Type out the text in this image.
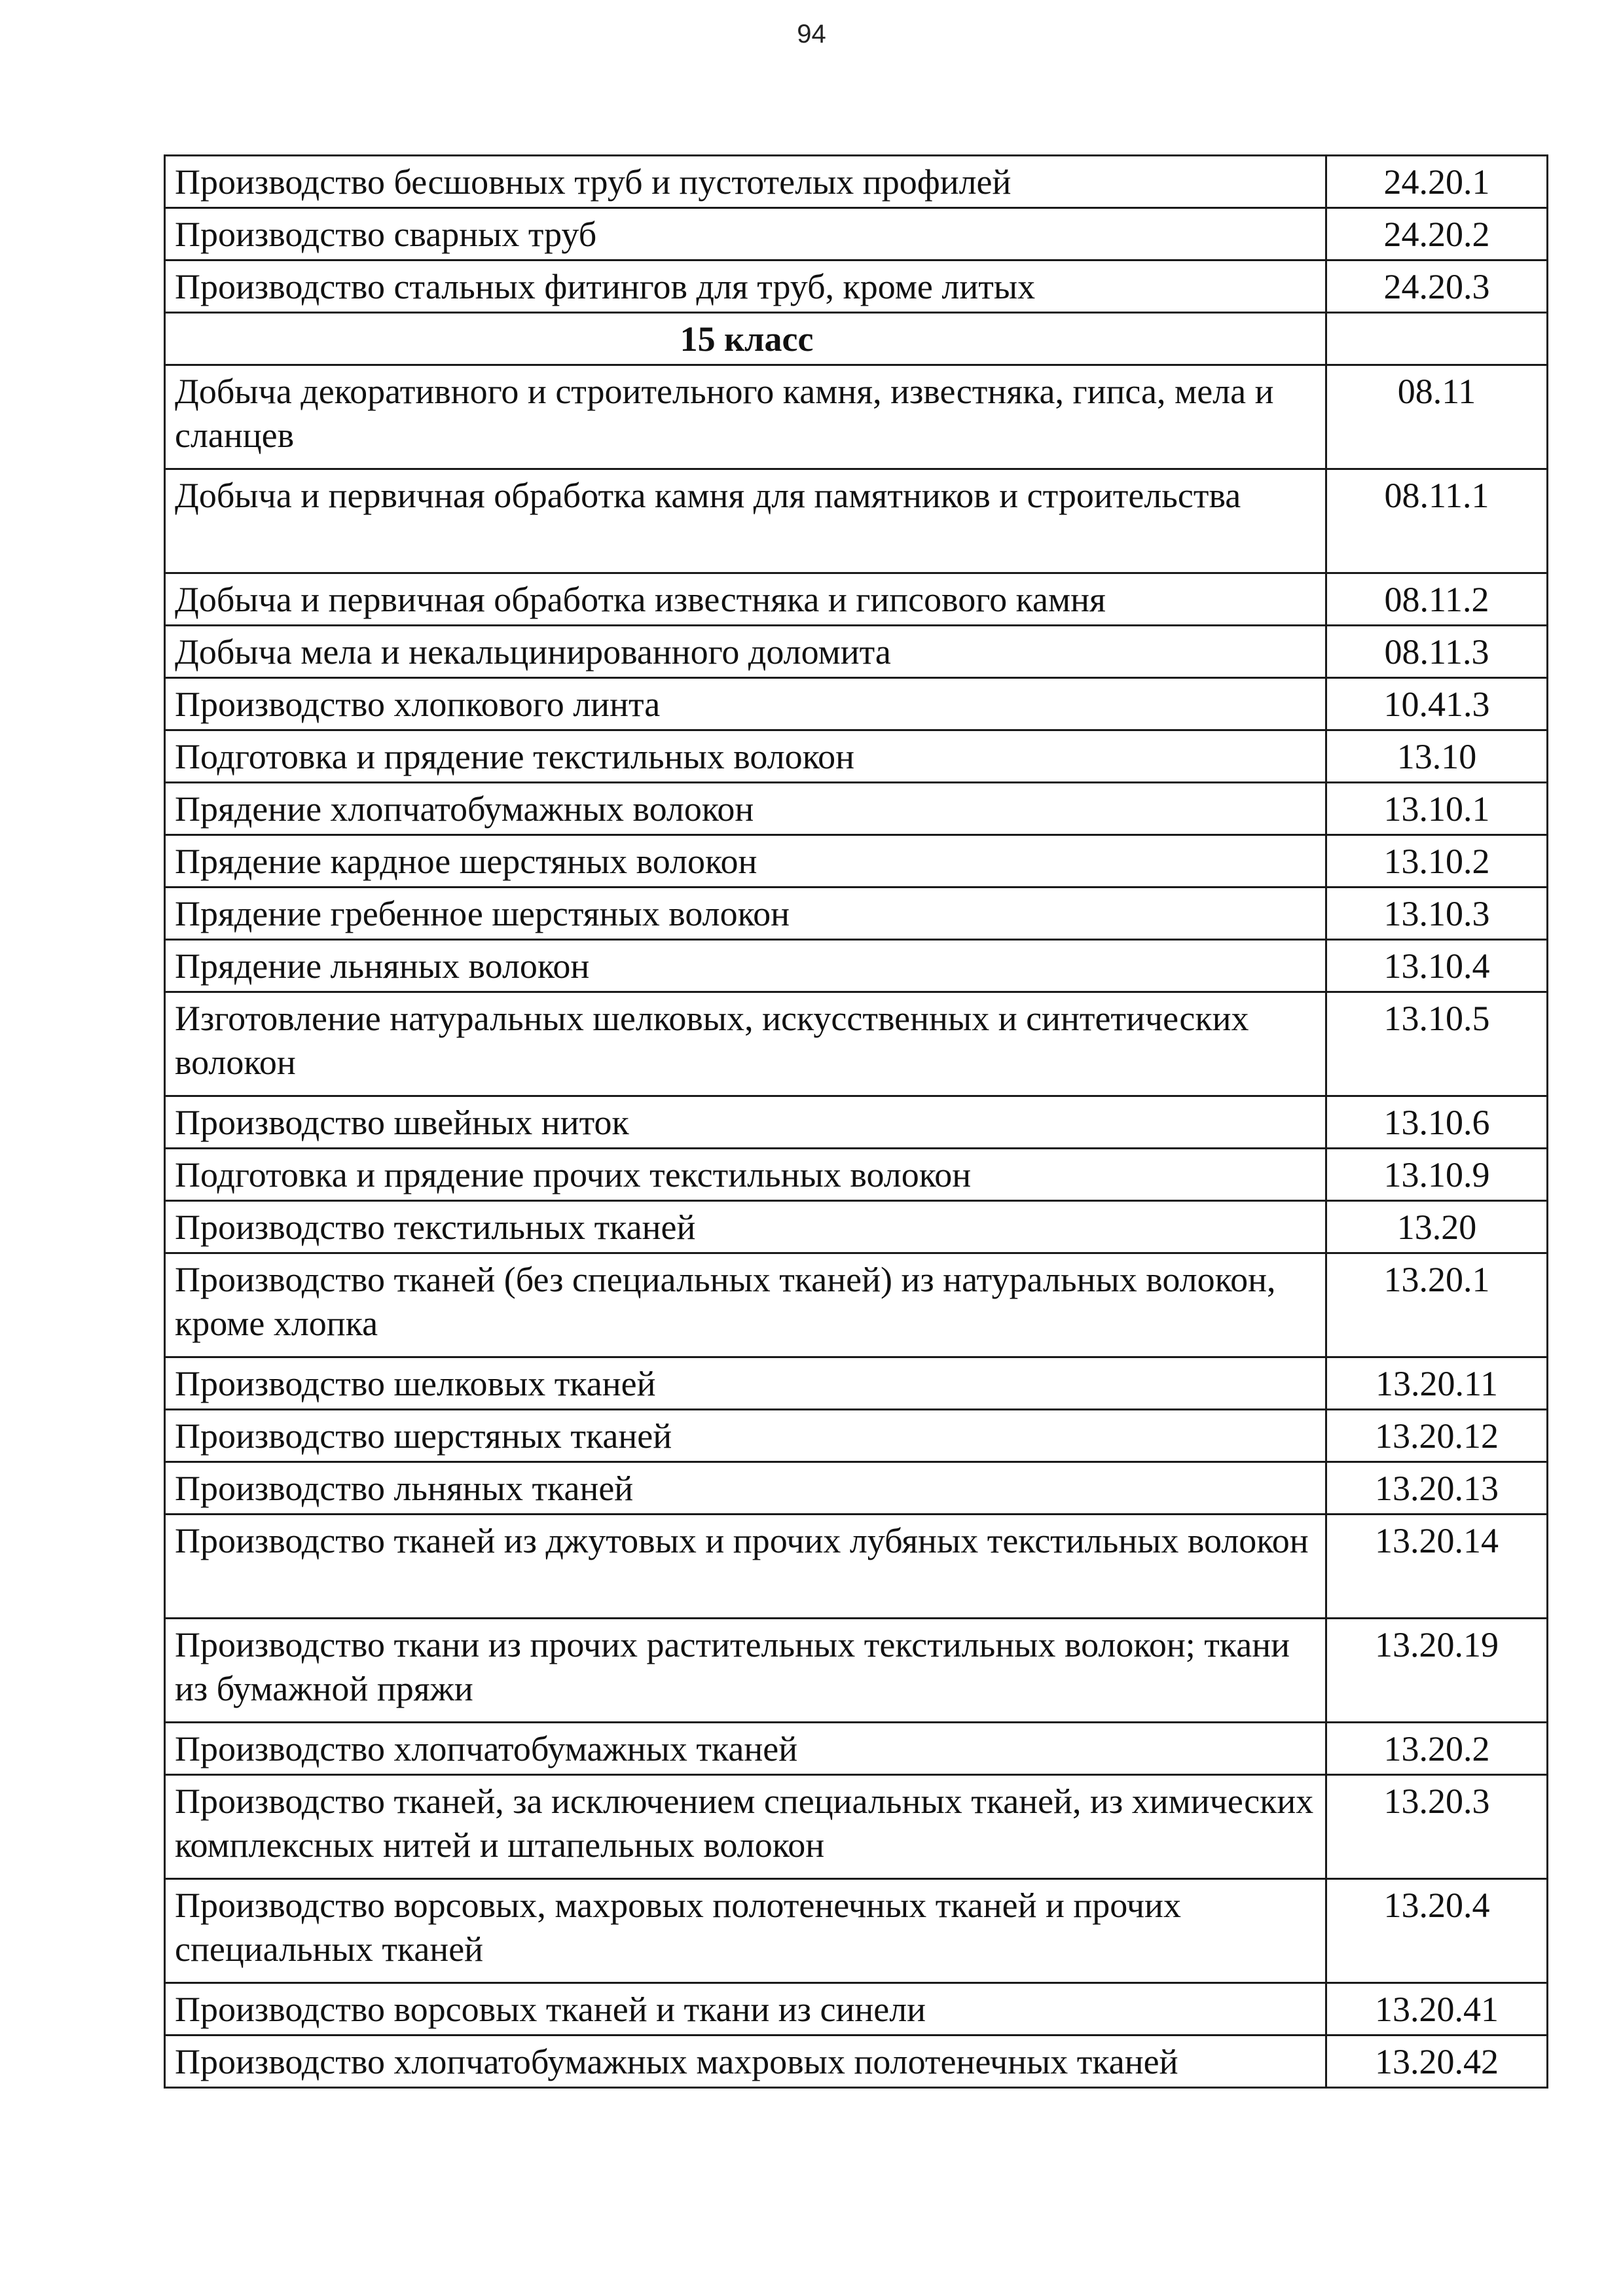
94
Производство бесшовных труб и пустотелых профилей	24.20.1
Производство сварных труб	24.20.2
Производство стальных фитингов для труб, кроме литых	24.20.3
15 класс	
Добыча декоративного и строительного камня, известняка, гипса, мела и сланцев	08.11
Добыча и первичная обработка камня для памятников и строительства	08.11.1
Добыча и первичная обработка известняка и гипсового камня	08.11.2
Добыча мела и некальцинированного доломита	08.11.3
Производство хлопкового линта	10.41.3
Подготовка и прядение текстильных волокон	13.10
Прядение хлопчатобумажных волокон	13.10.1
Прядение кардное шерстяных волокон	13.10.2
Прядение гребенное шерстяных волокон	13.10.3
Прядение льняных волокон	13.10.4
Изготовление натуральных шелковых, искусственных и синтетических волокон	13.10.5
Производство швейных ниток	13.10.6
Подготовка и прядение прочих текстильных волокон	13.10.9
Производство текстильных тканей	13.20
Производство тканей (без специальных тканей) из натуральных волокон, кроме хлопка	13.20.1
Производство шелковых тканей	13.20.11
Производство шерстяных тканей	13.20.12
Производство льняных тканей	13.20.13
Производство тканей из джутовых и прочих лубяных текстильных волокон	13.20.14
Производство ткани из прочих растительных текстильных волокон; ткани из бумажной пряжи	13.20.19
Производство хлопчатобумажных тканей	13.20.2
Производство тканей, за исключением специальных тканей, из химических комплексных нитей и штапельных волокон	13.20.3
Производство ворсовых, махровых полотенечных тканей и прочих специальных тканей	13.20.4
Производство ворсовых тканей и ткани из синели	13.20.41
Производство хлопчатобумажных махровых полотенечных тканей	13.20.42
